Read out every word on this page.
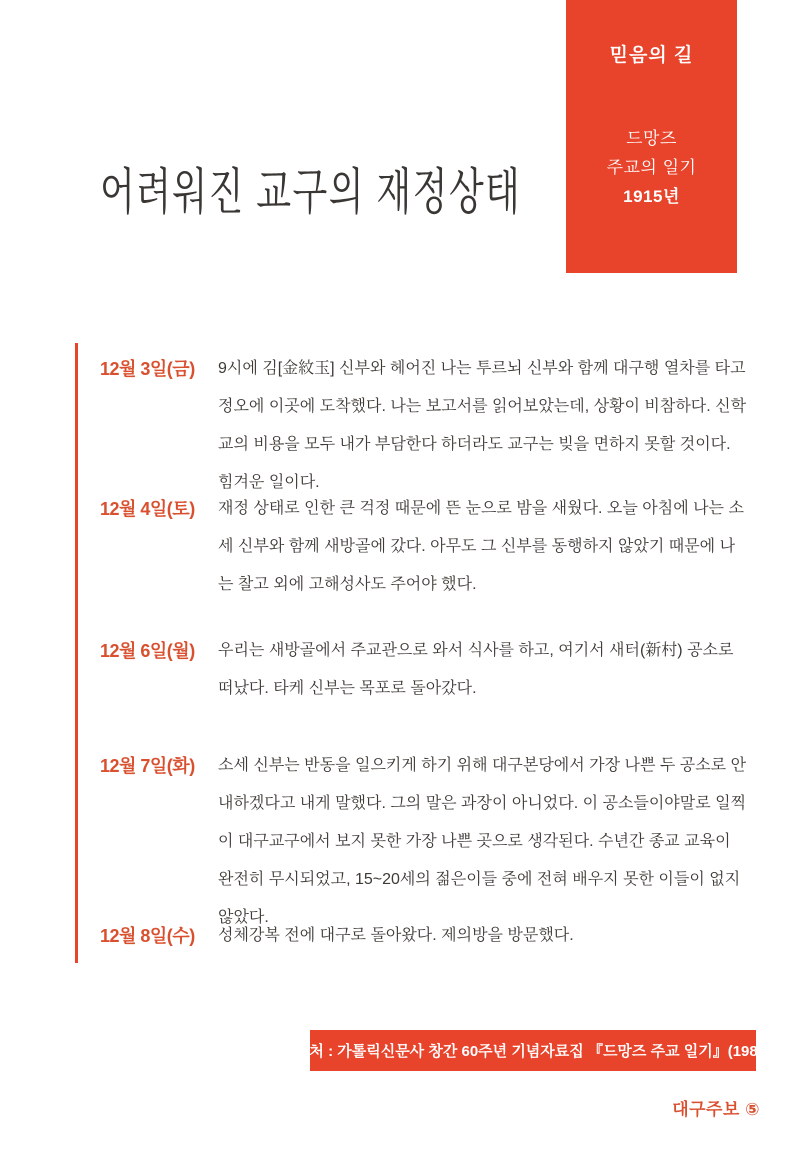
믿음의 길
드망즈
주교의 일기
1915년
어려워진 교구의 재정상태
12월 3일(금)	9시에 김[金紋玉] 신부와 헤어진 나는 투르뇌 신부와 함께 대구행 열차를 타고 정오에 이곳에 도착했다. 나는 보고서를 읽어보았는데, 상황이 비참하다. 신학교의 비용을 모두 내가 부담한다 하더라도 교구는 빚을 면하지 못할 것이다. 힘겨운 일이다.
12월 4일(토)	재정 상태로 인한 큰 걱정 때문에 뜬 눈으로 밤을 새웠다. 오늘 아침에 나는 소세 신부와 함께 새방골에 갔다. 아무도 그 신부를 동행하지 않았기 때문에 나는 찰고 외에 고해성사도 주어야 했다.
12월 6일(월)	우리는 새방골에서 주교관으로 와서 식사를 하고, 여기서 새터(新村) 공소로 떠났다. 타케 신부는 목포로 돌아갔다.
12월 7일(화)	소세 신부는 반동을 일으키게 하기 위해 대구본당에서 가장 나쁜 두 공소로 안내하겠다고 내게 말했다. 그의 말은 과장이 아니었다. 이 공소들이야말로 일찍이 대구교구에서 보지 못한 가장 나쁜 곳으로 생각된다. 수년간 종교 교육이 완전히 무시되었고, 15~20세의 젊은이들 중에 전혀 배우지 못한 이들이 없지 않았다.
12월 8일(수)	성체강복 전에 대구로 돌아왔다. 제의방을 방문했다.
출처 : 가톨릭신문사 창간 60주년 기념자료집 『드망즈 주교 일기』(1987)
대구주보 ⑤
